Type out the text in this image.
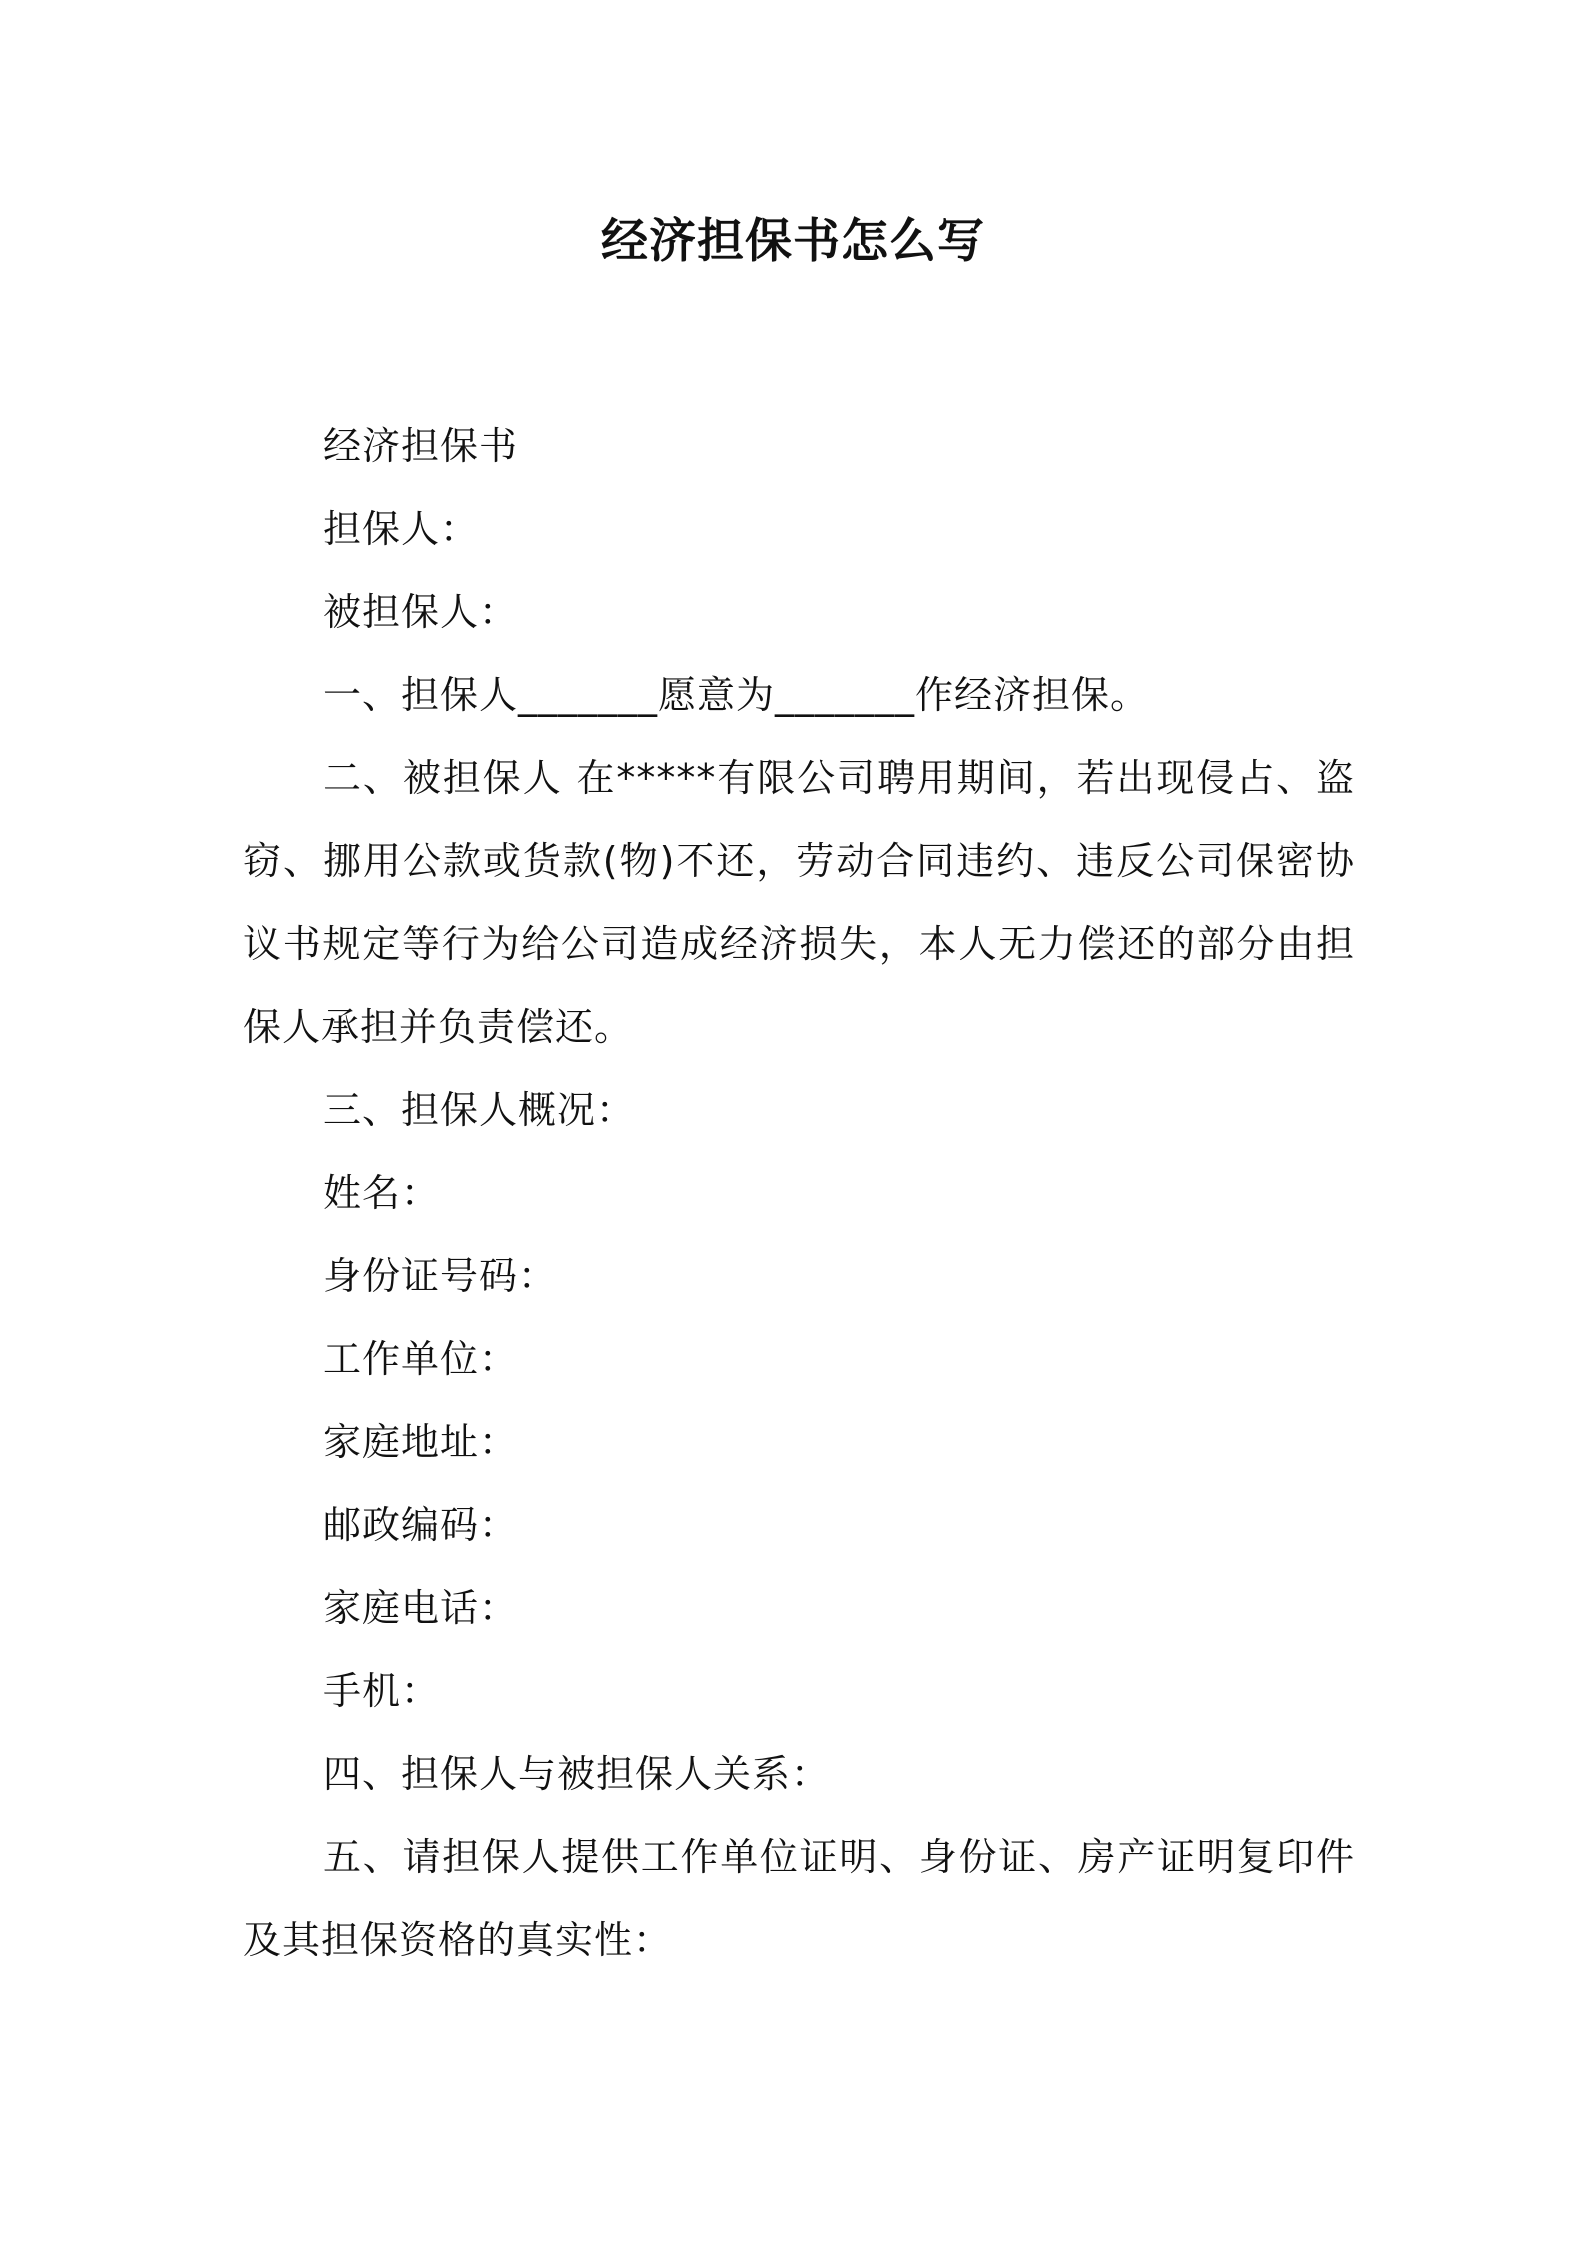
经济担保书怎么写

经济担保书

担保人：

被担保人：

一、担保人_______愿意为_______作经济担保。

二、被担保人 在*****有限公司聘用期间，若出现侵占、盗窃、挪用公款或货款(物)不还，劳动合同违约、违反公司保密协议书规定等行为给公司造成经济损失，本人无力偿还的部分由担保人承担并负责偿还。

三、担保人概况：

姓名：

身份证号码：

工作单位：

家庭地址：

邮政编码：

家庭电话：

手机：

四、担保人与被担保人关系：

五、请担保人提供工作单位证明、身份证、房产证明复印件及其担保资格的真实性：
